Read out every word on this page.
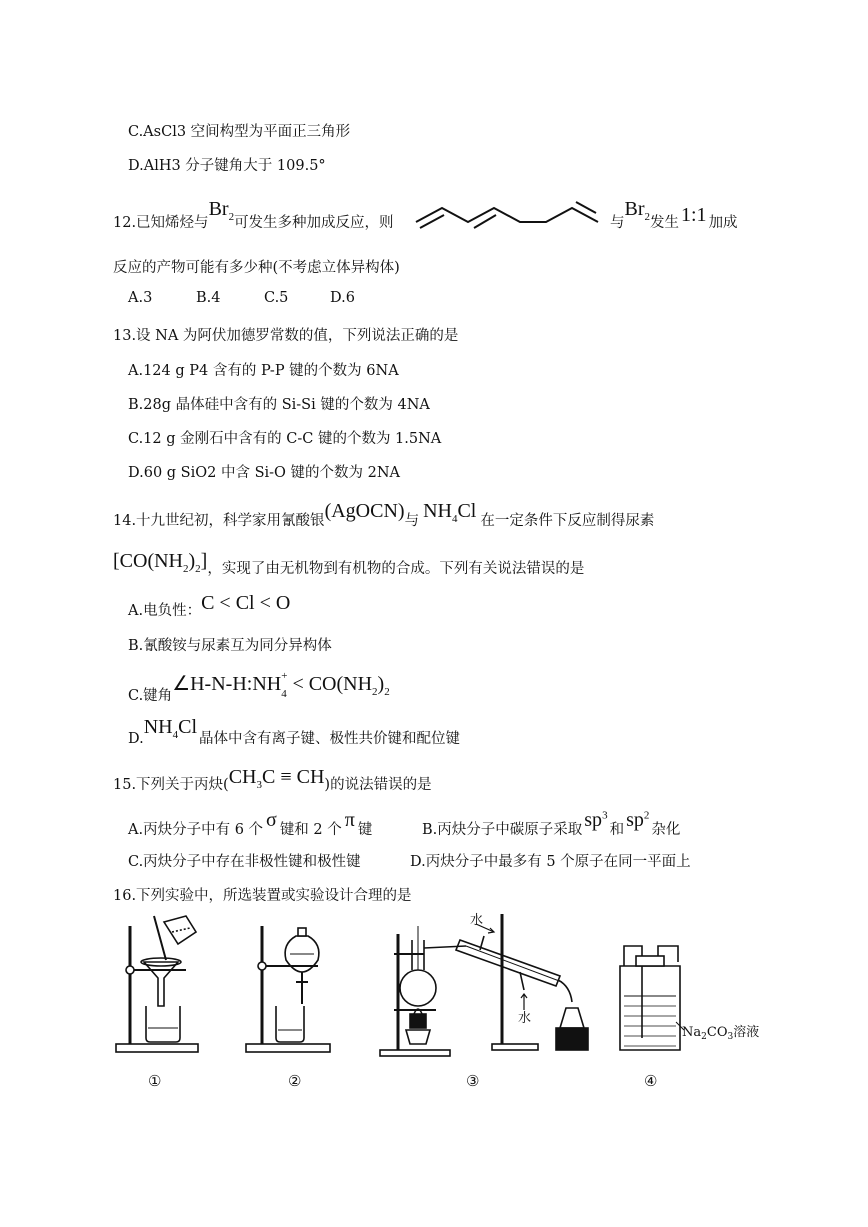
C.AsCl3 空间构型为平面正三角形
D.AlH3 分子键角大于 109.5°
12.已知烯烃与$Br_2$可发生多种加成反应，则	与$Br_2$发生 1:1 加成
反应的产物可能有多少种(不考虑立体异构体)
A.3	B.4	C.5	D.6
13.设 NA 为阿伏加德罗常数的值，下列说法正确的是
A.124 g P4 含有的 P-P 键的个数为 6NA
B.28g 晶体硅中含有的 Si-Si 键的个数为 4NA
C.12 g 金刚石中含有的 C-C 键的个数为 1.5NA
D.60 g SiO2 中含 Si-O 键的个数为 2NA
14.十九世纪初，科学家用氰酸银(AgOCN)与 $NH_4Cl$ 在一定条件下反应制得尿素
$[CO(NH_2)_2]$，实现了由无机物到有机物的合成。下列有关说法错误的是
A.电负性：C < Cl < O
B.氰酸铵与尿素互为同分异构体
C.键角∠H-N-H:NH+
$_4 < CO(NH_2)_2$
$D.NH_4Cl$晶体中含有离子键、极性共价键和配位键
15.下列关于丙炔$(CH_3C \equiv CH)$的说法错误的是
A.丙炔分子中有 6 个 σ 键和 2 个 π 键	B.丙炔分子中碳原子采取 $sp^3$和 $sp^2$杂化
C.丙炔分子中存在非极性键和极性键	D.丙炔分子中最多有 5 个原子在同一平面上
16.下列实验中，所选装置或实验设计合理的是
①	②	③	④
水
水
$Na_2CO_3$溶液
